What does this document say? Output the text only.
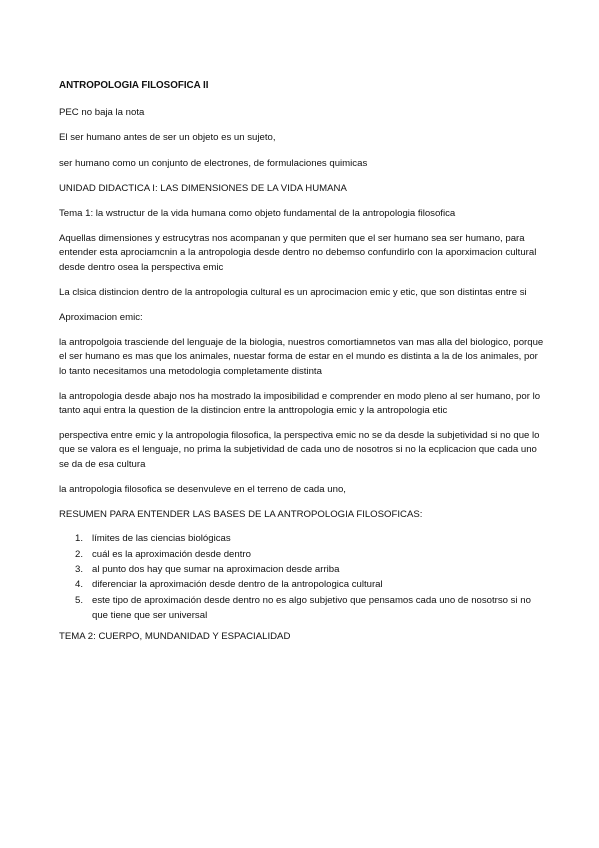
ANTROPOLOGIA FILOSOFICA II
PEC no baja la nota
El ser humano antes de ser un objeto es un sujeto,
ser humano como un conjunto de electrones, de formulaciones quimicas
UNIDAD DIDACTICA I: LAS DIMENSIONES DE LA VIDA HUMANA
Tema 1: la wstructur de la vida humana como objeto fundamental de la antropologia filosofica
Aquellas dimensiones y estrucytras nos acompanan y que permiten que el ser humano sea ser humano, para entender esta aprociamcnin a la antropologia desde dentro no debemso confundirlo con la aporximacion cultural desde dentro osea la perspectiva emic
La clsica distincion dentro de la antropologia cultural es un aprocimacion emic y etic, que son distintas entre si
Aproximacion emic:
la antropolgoia trasciende del lenguaje de la biologia, nuestros comortiamnetos van mas alla del biologico, porque el ser humano es mas que los animales, nuestar forma de estar en el mundo es distinta a la de los animales, por lo tanto necesitamos una metodologia completamente distinta
la antropologia desde abajo nos ha mostrado la imposibilidad e comprender en modo pleno al ser humano, por lo tanto aqui entra la question de la distincion entre la anttropologia emic y la antropologia etic
perspectiva entre emic y la antropologia filosofica, la perspectiva emic no se da desde la subjetividad si no que lo que se valora es el lenguaje, no prima la subjetividad de cada uno de nosotros si no la ecplicacion que cada uno se da de esa cultura
la antropologia filosofica se desenvuleve en el terreno de cada uno,
RESUMEN PARA ENTENDER LAS BASES DE LA ANTROPOLOGIA FILOSOFICAS:
1. límites de las ciencias biológicas
2. cuál es la aproximación desde dentro
3. al punto dos hay que sumar na aproximacion desde arriba
4. diferenciar la aproximación desde dentro de la antropologica cultural
5. este tipo de aproximación desde dentro no es algo subjetivo que pensamos cada uno de nosotrso si no que tiene que ser universal
TEMA 2: CUERPO, MUNDANIDAD Y ESPACIALIDAD
